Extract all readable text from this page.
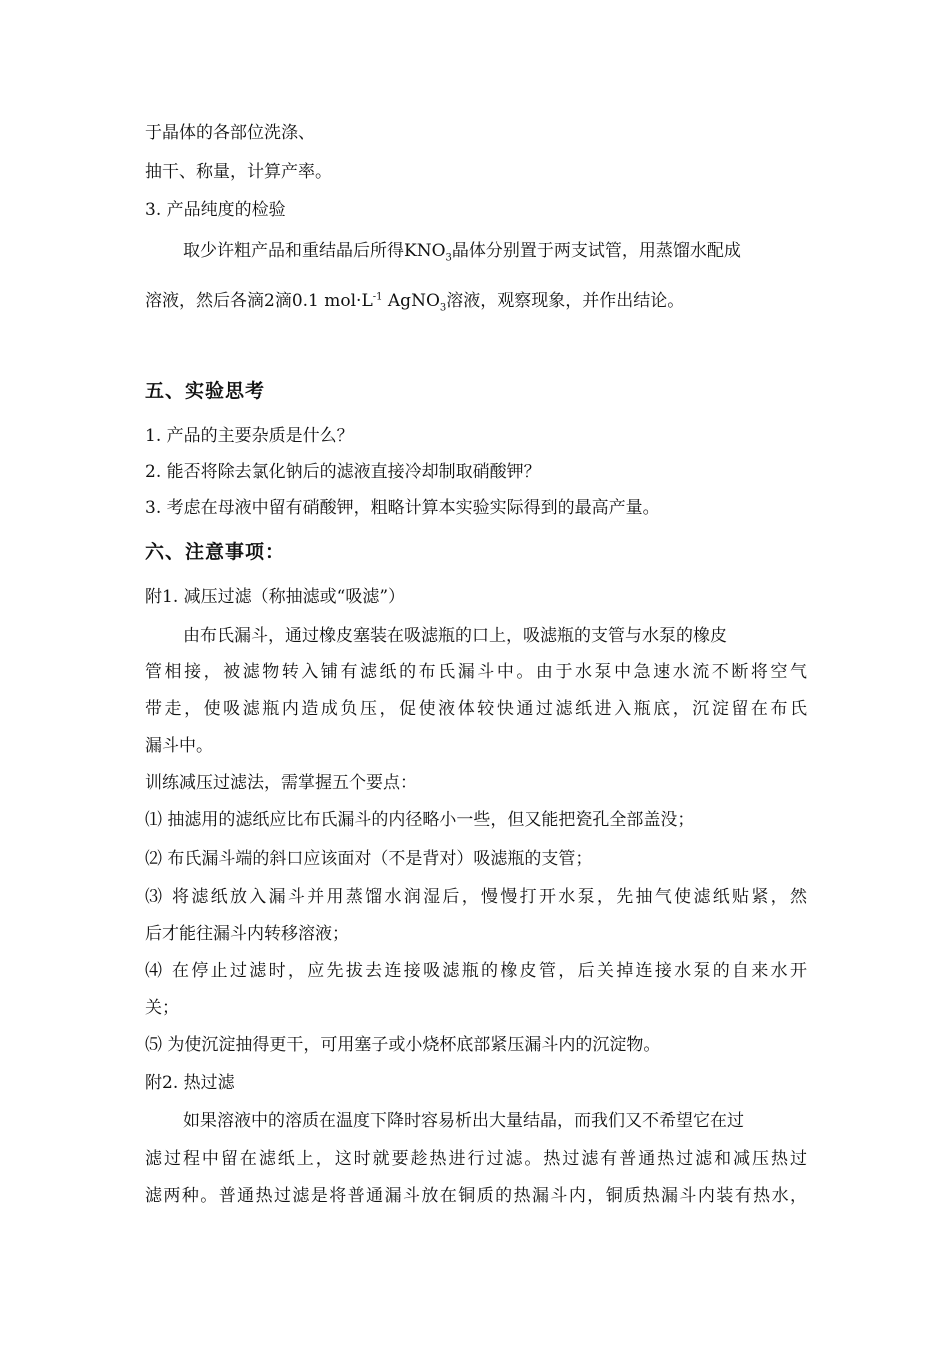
于晶体的各部位洗涤、
抽干、称量，计算产率。
3. 产品纯度的检验
取少许粗产品和重结晶后所得$KNO_3$晶体分别置于两支试管，用蒸馏水配成
溶液，然后各滴2滴0.1 $mol\cdot L^{-1}$ AgNO$_3$溶液，观察现象，并作出结论。
五、实验思考
1. 产品的主要杂质是什么？
2. 能否将除去氯化钠后的滤液直接冷却制取硝酸钾？
3. 考虑在母液中留有硝酸钾，粗略计算本实验实际得到的最高产量。
六、注意事项：
附1. 减压过滤（称抽滤或“吸滤”）
由布氏漏斗，通过橡皮塞装在吸滤瓶的口上，吸滤瓶的支管与水泵的橡皮
管相接，被滤物转入铺有滤纸的布氏漏斗中。由于水泵中急速水流不断将空气
带走，使吸滤瓶内造成负压，促使液体较快通过滤纸进入瓶底，沉淀留在布氏
漏斗中。
训练减压过滤法，需掌握五个要点：
⑴ 抽滤用的滤纸应比布氏漏斗的内径略小一些，但又能把瓷孔全部盖没；
⑵ 布氏漏斗端的斜口应该面对（不是背对）吸滤瓶的支管；
⑶ 将滤纸放入漏斗并用蒸馏水润湿后，慢慢打开水泵，先抽气使滤纸贴紧，然
后才能往漏斗内转移溶液；
⑷ 在停止过滤时，应先拔去连接吸滤瓶的橡皮管，后关掉连接水泵的自来水开
关；
⑸ 为使沉淀抽得更干，可用塞子或小烧杯底部紧压漏斗内的沉淀物。
附2. 热过滤
如果溶液中的溶质在温度下降时容易析出大量结晶，而我们又不希望它在过
滤过程中留在滤纸上，这时就要趁热进行过滤。热过滤有普通热过滤和减压热过
滤两种。普通热过滤是将普通漏斗放在铜质的热漏斗内，铜质热漏斗内装有热水，
